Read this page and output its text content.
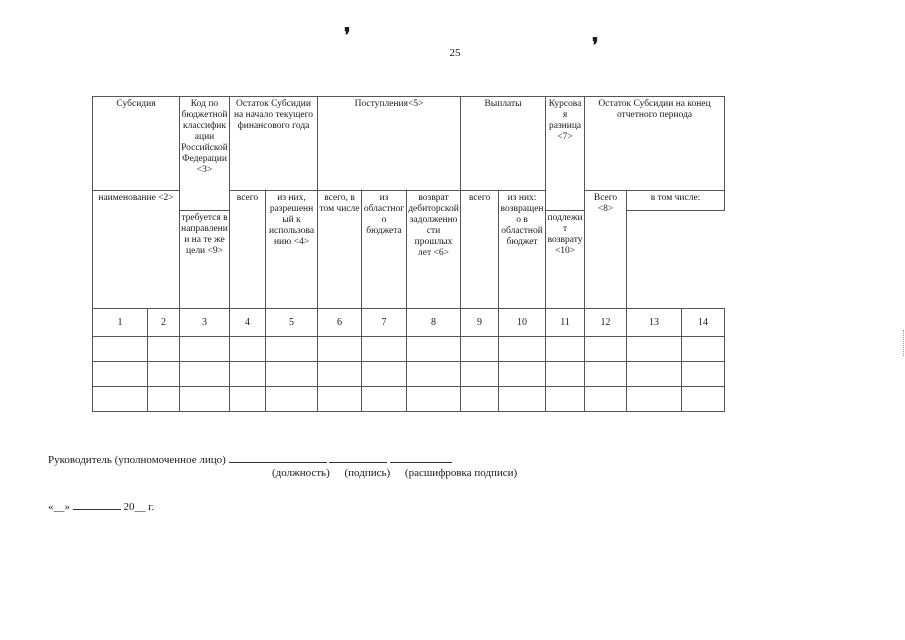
❜	❜
25
Субсидия		Код по бюджетной классификации Российской Федерации <3>	Остаток Субсидии на начало текущего финансового года		Поступления<5>			Выплаты		Курсовая разница <7>	Остаток Субсидии на конец отчетного периода		
наименование <2>			всего	из них, разрешенный к использованию <4>	всего, в том числе	из областного бюджета	возврат дебиторской задолженности прошлых лет <6>	всего	из них: возвращено в областной бюджет		Всего <8>	в том числе:	
		требуется в направлении на те же цели <9>								подлежит возврату <10>			
1	2	3	4	5	6	7	8	9	10	11	12	13	14

Руководитель (уполномоченное лицо)
(должность) (подпись) (расшифровка подписи)
«__»	20__ г.
